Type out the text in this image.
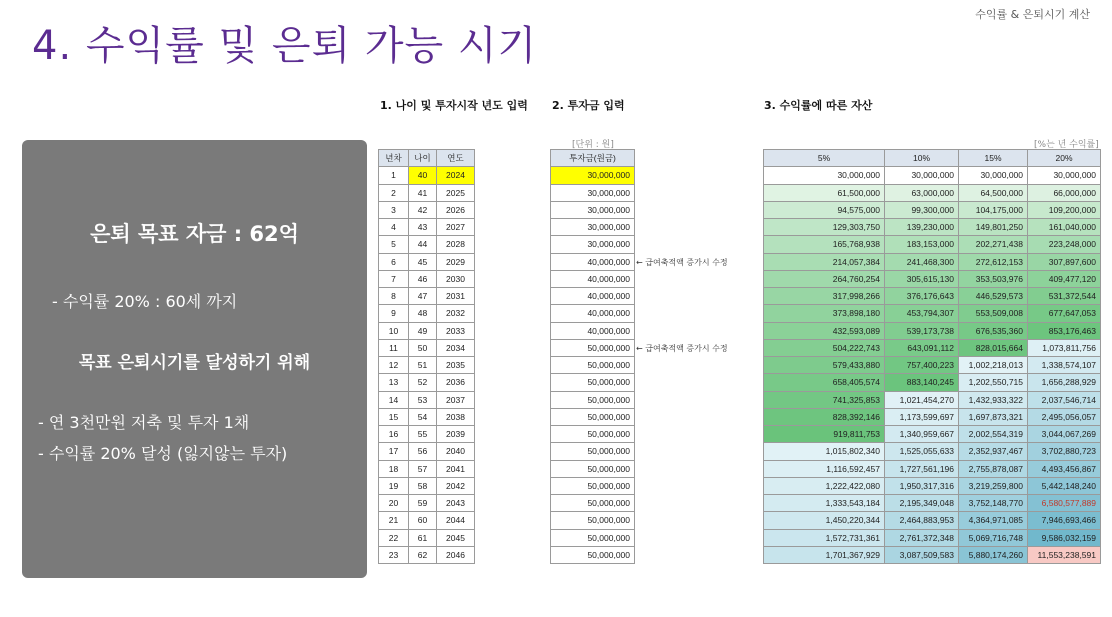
수익률 & 은퇴시기 계산
4. 수익률 및 은퇴 가능 시기
은퇴 목표 자금 : 62억
- 수익률 20% : 60세 까지
목표 은퇴시기를 달성하기 위해
- 연 3천만원 저축 및 투자 1채
- 수익률 20% 달성 (잃지않는 투자)
1. 나이 및 투자시작 년도 입력 2. 투자금 입력	3. 수익률에 따른 자산
[단위 : 원]	[%는 년 수익률]
년차	나이	연도
1	40	2024
2	41	2025
3	42	2026
4	43	2027
5	44	2028
6	45	2029
7	46	2030
8	47	2031
9	48	2032
10	49	2033
11	50	2034
12	51	2035
13	52	2036
14	53	2037
15	54	2038
16	55	2039
17	56	2040
18	57	2041
19	58	2042
20	59	2043
21	60	2044
22	61	2045
23	62	2046
투자금(원금)
30,000,000
30,000,000
30,000,000
30,000,000
30,000,000
40,000,000
40,000,000
40,000,000
40,000,000
40,000,000
50,000,000
50,000,000
50,000,000
50,000,000
50,000,000
50,000,000
50,000,000
50,000,000
50,000,000
50,000,000
50,000,000
50,000,000
50,000,000
← 급여축적액 증가시 수정
← 급여축적액 증가시 수정
5%	10%	15%	20%
30,000,000	30,000,000	30,000,000	30,000,000
61,500,000	63,000,000	64,500,000	66,000,000
94,575,000	99,300,000	104,175,000	109,200,000
129,303,750	139,230,000	149,801,250	161,040,000
165,768,938	183,153,000	202,271,438	223,248,000
214,057,384	241,468,300	272,612,153	307,897,600
264,760,254	305,615,130	353,503,976	409,477,120
317,998,266	376,176,643	446,529,573	531,372,544
373,898,180	453,794,307	553,509,008	677,647,053
432,593,089	539,173,738	676,535,360	853,176,463
504,222,743	643,091,112	828,015,664	1,073,811,756
579,433,880	757,400,223	1,002,218,013	1,338,574,107
658,405,574	883,140,245	1,202,550,715	1,656,288,929
741,325,853	1,021,454,270	1,432,933,322	2,037,546,714
828,392,146	1,173,599,697	1,697,873,321	2,495,056,057
919,811,753	1,340,959,667	2,002,554,319	3,044,067,269
1,015,802,340	1,525,055,633	2,352,937,467	3,702,880,723
1,116,592,457	1,727,561,196	2,755,878,087	4,493,456,867
1,222,422,080	1,950,317,316	3,219,259,800	5,442,148,240
1,333,543,184	2,195,349,048	3,752,148,770	6,580,577,889
1,450,220,344	2,464,883,953	4,364,971,085	7,946,693,466
1,572,731,361	2,761,372,348	5,069,716,748	9,586,032,159
1,701,367,929	3,087,509,583	5,880,174,260	11,553,238,591
